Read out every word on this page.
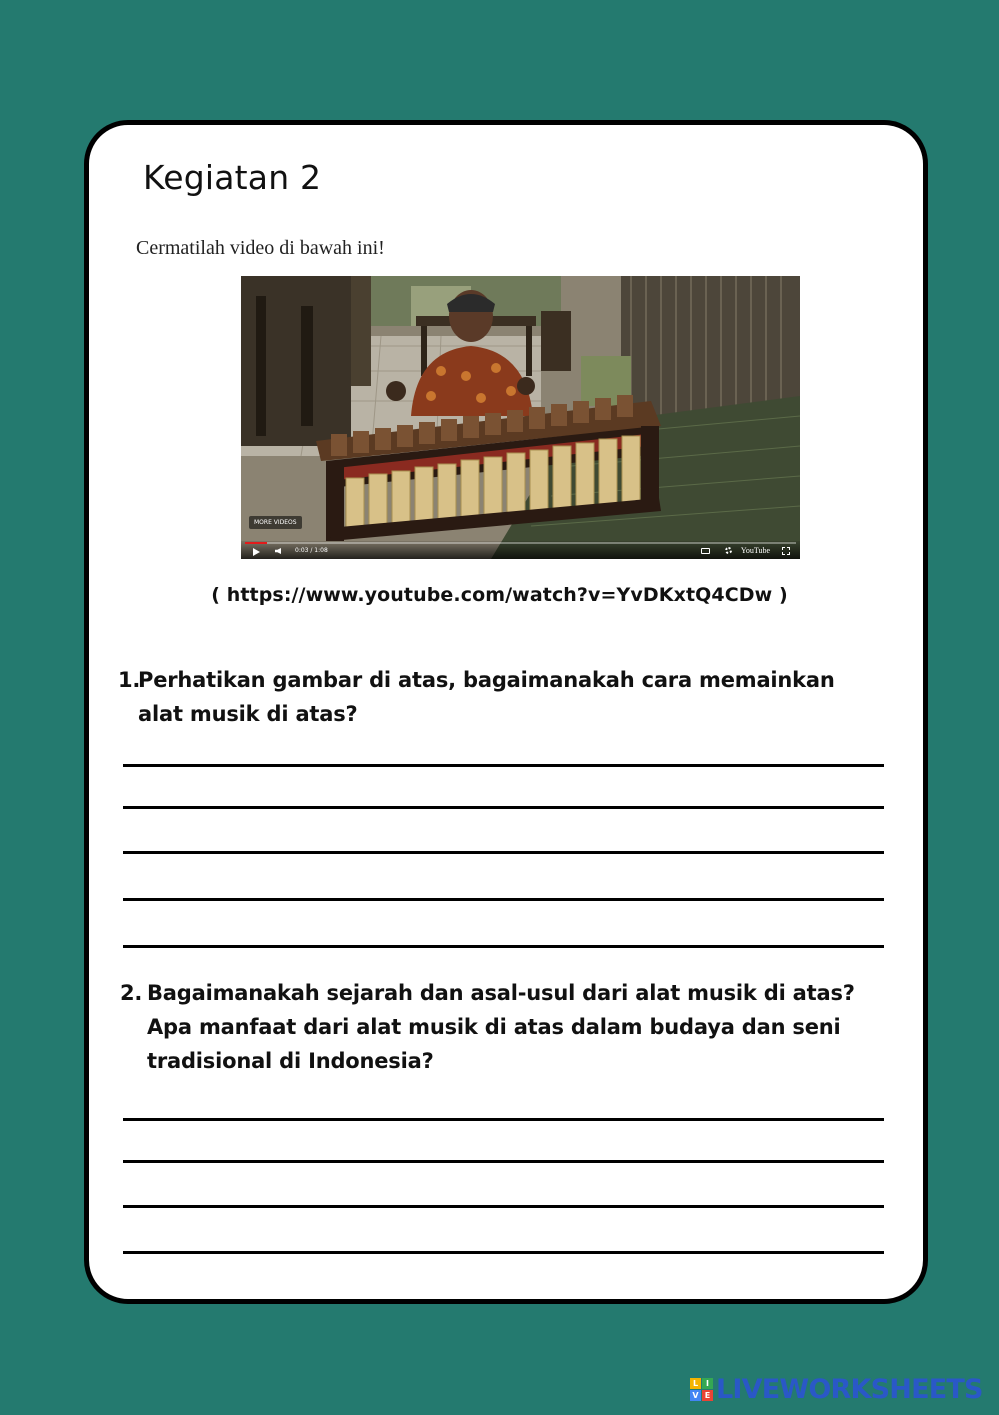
Kegiatan 2
Cermatilah video di bawah ini!
MORE VIDEOS
0:03 / 1:08	YouTube
( https://www.youtube.com/watch?v=YvDKxtQ4CDw )
1.
Perhatikan gambar di atas, bagaimanakah cara memainkan alat musik di atas?
2. Bagaimanakah sejarah dan asal-usul dari alat musik di atas? Apa manfaat dari alat musik di atas dalam budaya dan seni tradisional di Indonesia?
L I
V E LIVEWORKSHEETS
